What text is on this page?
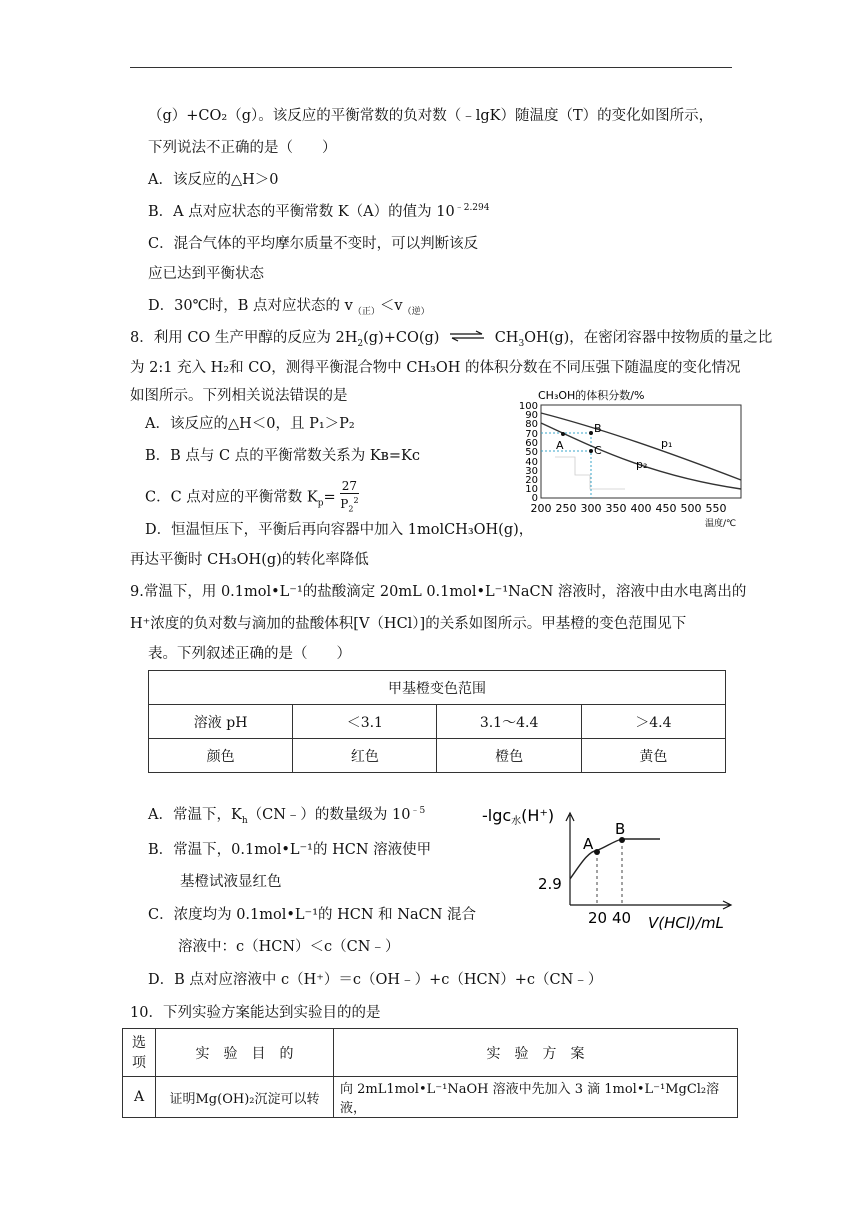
（g）+CO₂（g）。该反应的平衡常数的负对数（﹣lgK）随温度（T）的变化如图所示，
下列说法不正确的是（　　）
A．该反应的△H＞0
B．A 点对应状态的平衡常数 K（A）的值为 $10^{﹣2.294}$
C．混合气体的平均摩尔质量不变时，可以判断该反
应已达到平衡状态
D．30℃时，B 点对应状态的 $v_{(正)}<v_{(逆)}$
8．利用 CO 生产甲醇的反应为 $2H_2(g)+CO(g)$ ⇌ $CH_3OH(g)$，在密闭容器中按物质的量之比
为 2:1 充入 H₂和 CO，测得平衡混合物中 CH₃OH 的体积分数在不同压强下随温度的变化情况
如图所示。下列相关说法错误的是
A．该反应的△H＜0，且 P₁＞P₂
B．B 点与 C 点的平衡常数关系为 Kʙ=Kᴄ
C．C 点对应的平衡常数 $K_p= \frac{27}{P_2^2}$
D．恒温恒压下，平衡后再向容器中加入 1molCH₃OH(g)，
再达平衡时 CH₃OH(g)的转化率降低
CH₃OH的体积分数/%
100
90
80
70
60
50
40
30
20
10
0
200 250 300 350 400 450 500 550
温度/℃
A
B
C
p₁
p₂
9.常温下，用 0.1mol•L⁻¹的盐酸滴定 20mL 0.1mol•L⁻¹NaCN 溶液时，溶液中由水电离出的
H⁺浓度的负对数与滴加的盐酸体积[V（HCl）]的关系如图所示。甲基橙的变色范围见下
表。下列叙述正确的是（　　）
甲基橙变色范围			
溶液 pH	＜3.1	3.1～4.4	＞4.4
颜色	红色	橙色	黄色
A．常温下，$K_h(CN﹣)$的数量级为 $10^{﹣5}$
B．常温下，0.1mol•L⁻¹的 HCN 溶液使甲
基橙试液显红色
C．浓度均为 0.1mol•L⁻¹的 HCN 和 NaCN 混合
溶液中：c（HCN）＜c（CN﹣）
D．B 点对应溶液中 c（H⁺）＝c（OH﹣）+c（HCN）+c（CN﹣）
-lgc水(H⁺)
2.9
20 40 V(HCl)/mL
A
B
10．下列实验方案能达到实验目的的是
选
项	实　验　目　的	实　验　方　案
A	证明Mg(OH)₂沉淀可以转	向 2mL1mol•L⁻¹NaOH 溶液中先加入 3 滴 1mol•L⁻¹MgCl₂溶液，
